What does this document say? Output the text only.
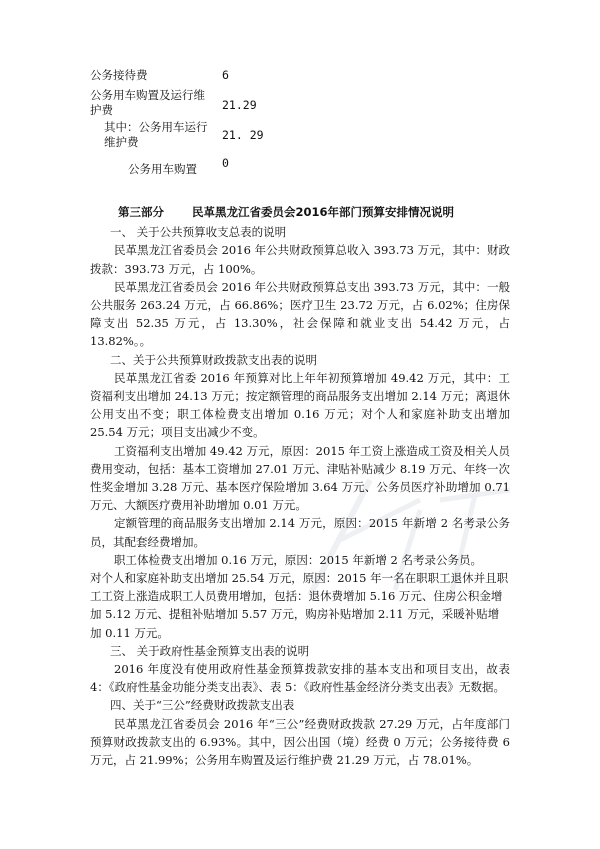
公务接待费	6
公务用车购置及运行维护费	21.29
其中：公务用车运行维护费	21. 29
公务用车购置	0

第三部分 民革黑龙江省委员会2016年部门预算安排情况说明

一、 关于公共预算收支总表的说明

民革黑龙江省委员会 2016 年公共财政预算总收入 393.73 万元，其中：财政拨款：393.73 万元，占 100%。

民革黑龙江省委员会 2016 年公共财政预算总支出 393.73 万元，其中：一般公共服务 263.24 万元，占 66.86%；医疗卫生 23.72 万元，占 6.02%；住房保障支出 52.35 万元，占 13.30%，社会保障和就业支出 54.42 万元，占 13.82%。。

二、关于公共预算财政拨款支出表的说明

民革黑龙江省委 2016 年预算对比上年年初预算增加 49.42 万元，其中：工资福利支出增加 24.13 万元；按定额管理的商品服务支出增加 2.14 万元；离退休公用支出不变；职工体检费支出增加 0.16 万元；对个人和家庭补助支出增加 25.54 万元；项目支出减少不变。

工资福利支出增加 49.42 万元，原因：2015 年工资上涨造成工资及相关人员费用变动，包括：基本工资增加 27.01 万元、津贴补贴减少 8.19 万元、年终一次性奖金增加 3.28 万元、基本医疗保险增加 3.64 万元、公务员医疗补助增加 0.71 万元、大额医疗费用补助增加 0.01 万元。

定额管理的商品服务支出增加 2.14 万元，原因：2015 年新增 2 名考录公务员，其配套经费增加。

职工体检费支出增加 0.16 万元，原因：2015 年新增 2 名考录公务员。

对个人和家庭补助支出增加 25.54 万元，原因：2015 年一名在职职工退休并且职工工资上涨造成职工人员费用增加，包括：退休费增加 5.16 万元、住房公积金增加 5.12 万元、提租补贴增加 5.57 万元，购房补贴增加 2.11 万元，采暖补贴增加 0.11 万元。

三、 关于政府性基金预算支出表的说明

2016 年度没有使用政府性基金预算拨款安排的基本支出和项目支出，故表 4：《政府性基金功能分类支出表》、表 5：《政府性基金经济分类支出表》无数据。

四、关于“三公”经费财政拨款支出表

民革黑龙江省委员会 2016 年“三公”经费财政拨款 27.29 万元，占年度部门预算财政拨款支出的 6.93%。其中，因公出国（境）经费 0 万元；公务接待费 6 万元，占 21.99%；公务用车购置及运行维护费 21.29 万元，占 78.01%。
